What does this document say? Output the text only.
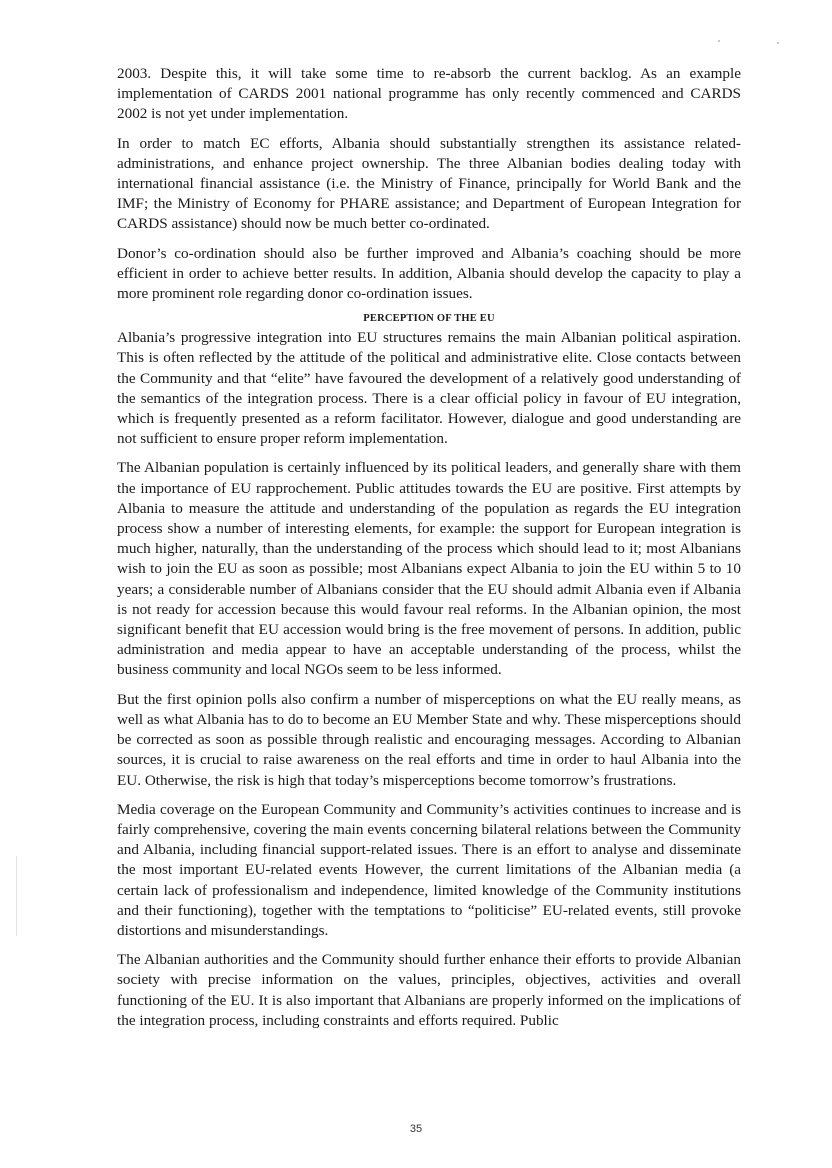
2003. Despite this, it will take some time to re-absorb the current backlog. As an example implementation of CARDS 2001 national programme has only recently commenced and CARDS 2002 is not yet under implementation.

In order to match EC efforts, Albania should substantially strengthen its assistance related-administrations, and enhance project ownership. The three Albanian bodies dealing today with international financial assistance (i.e. the Ministry of Finance, principally for World Bank and the IMF; the Ministry of Economy for PHARE assistance; and Department of European Integration for CARDS assistance) should now be much better co-ordinated.

Donor’s co-ordination should also be further improved and Albania’s coaching should be more efficient in order to achieve better results. In addition, Albania should develop the capacity to play a more prominent role regarding donor co-ordination issues.

PERCEPTION OF THE EU

Albania’s progressive integration into EU structures remains the main Albanian political aspiration. This is often reflected by the attitude of the political and administrative elite. Close contacts between the Community and that “elite” have favoured the development of a relatively good understanding of the semantics of the integration process. There is a clear official policy in favour of EU integration, which is frequently presented as a reform facilitator. However, dialogue and good understanding are not sufficient to ensure proper reform implementation.

The Albanian population is certainly influenced by its political leaders, and generally share with them the importance of EU rapprochement. Public attitudes towards the EU are positive. First attempts by Albania to measure the attitude and understanding of the population as regards the EU integration process show a number of interesting elements, for example: the support for European integration is much higher, naturally, than the understanding of the process which should lead to it; most Albanians wish to join the EU as soon as possible; most Albanians expect Albania to join the EU within 5 to 10 years; a considerable number of Albanians consider that the EU should admit Albania even if Albania is not ready for accession because this would favour real reforms. In the Albanian opinion, the most significant benefit that EU accession would bring is the free movement of persons. In addition, public administration and media appear to have an acceptable understanding of the process, whilst the business community and local NGOs seem to be less informed.

But the first opinion polls also confirm a number of misperceptions on what the EU really means, as well as what Albania has to do to become an EU Member State and why. These misperceptions should be corrected as soon as possible through realistic and encouraging messages. According to Albanian sources, it is crucial to raise awareness on the real efforts and time in order to haul Albania into the EU. Otherwise, the risk is high that today’s misperceptions become tomorrow’s frustrations.

Media coverage on the European Community and Community’s activities continues to increase and is fairly comprehensive, covering the main events concerning bilateral relations between the Community and Albania, including financial support-related issues. There is an effort to analyse and disseminate the most important EU-related events However, the current limitations of the Albanian media (a certain lack of professionalism and independence, limited knowledge of the Community institutions and their functioning), together with the temptations to “politicise” EU-related events, still provoke distortions and misunderstandings.

The Albanian authorities and the Community should further enhance their efforts to provide Albanian society with precise information on the values, principles, objectives, activities and overall functioning of the EU. It is also important that Albanians are properly informed on the implications of the integration process, including constraints and efforts required. Public

35
